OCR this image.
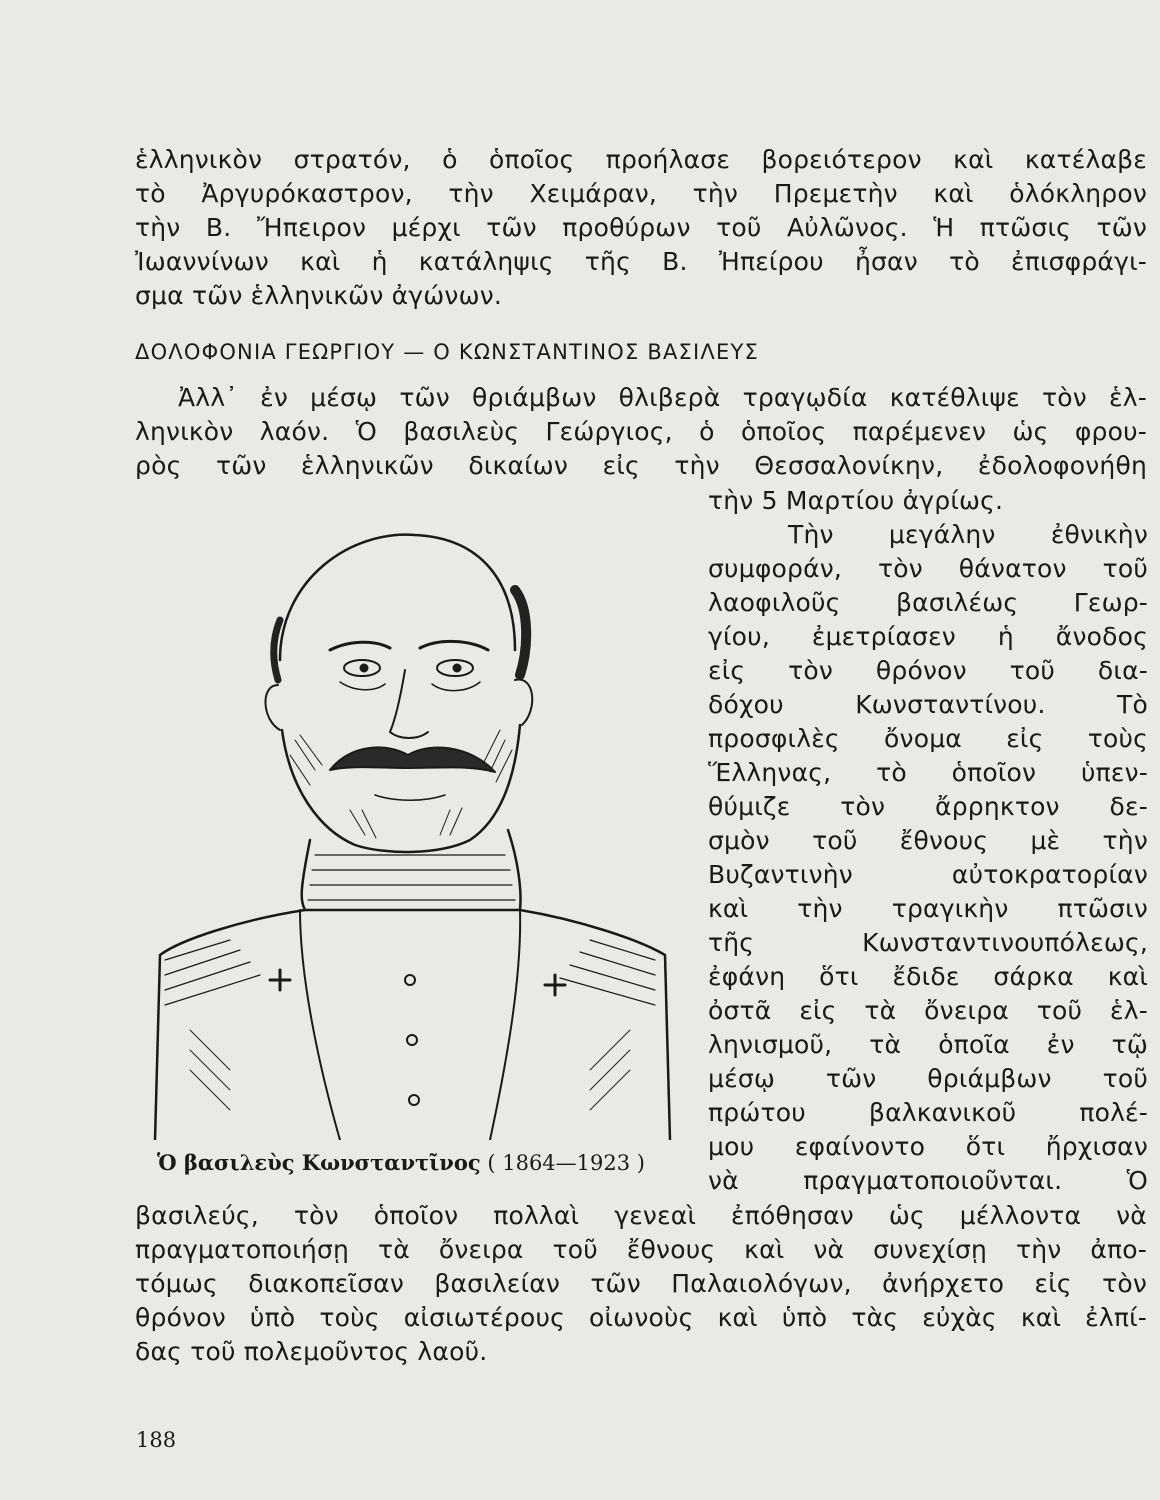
ἑλληνικὸν στρατόν, ὁ ὁποῖος προήλασε βορειότερον καὶ κατέλαβε
τὸ Ἀργυρόκαστρον, τὴν Χειμάραν, τὴν Πρεμετὴν καὶ ὁλόκληρον
τὴν Β. Ἤπειρον μέρχι τῶν προθύρων τοῦ Αὐλῶνος. Ἡ πτῶσις τῶν
Ἰωαννίνων καὶ ἡ κατάληψις τῆς Β. Ἠπείρου ἦσαν τὸ ἐπισφράγι-
σμα τῶν ἑλληνικῶν ἀγώνων.
ΔΟΛΟΦΟΝΙΑ ΓΕΩΡΓΙΟΥ — Ο ΚΩΝΣΤΑΝΤΙΝΟΣ ΒΑΣΙΛΕΥΣ
Ἀλλ᾽ ἐν μέσῳ τῶν θριάμβων θλιβερὰ τραγῳδία κατέθλιψε τὸν ἑλ-
ληνικὸν λαόν. Ὁ βασιλεὺς Γεώργιος, ὁ ὁποῖος παρέμενεν ὡς φρου-
ρὸς τῶν ἑλληνικῶν δικαίων εἰς τὴν Θεσσαλονίκην, ἐδολοφονήθη
τὴν 5 Μαρτίου ἀγρίως.
Τὴν μεγάλην ἐθνικὴν
συμφοράν, τὸν θάνατον τοῦ
λαοφιλοῦς βασιλέως Γεωρ-
γίου, ἐμετρίασεν ἡ ἄνοδος
εἰς τὸν θρόνον τοῦ δια-
δόχου Κωνσταντίνου. Τὸ
προσφιλὲς ὄνομα εἰς τοὺς
Ἕλληνας, τὸ ὁποῖον ὑπεν-
θύμιζε τὸν ἄρρηκτον δε-
σμὸν τοῦ ἔθνους μὲ τὴν
Βυζαντινὴν αὐτοκρατορίαν
καὶ τὴν τραγικὴν πτῶσιν
τῆς Κωνσταντινουπόλεως,
ἐφάνη ὅτι ἔδιδε σάρκα καὶ
ὀστᾶ εἰς τὰ ὄνειρα τοῦ ἑλ-
ληνισμοῦ, τὰ ὁποῖα ἐν τῷ
μέσῳ τῶν θριάμβων τοῦ
πρώτου βαλκανικοῦ πολέ-
μου εφαίνοντο ὅτι ἤρχισαν
νὰ πραγματοποιοῦνται. Ὁ
βασιλεύς, τὸν ὁποῖον πολλαὶ γενεαὶ ἐπόθησαν ὡς μέλλοντα νὰ
πραγματοποιήσῃ τὰ ὄνειρα τοῦ ἔθνους καὶ νὰ συνεχίσῃ τὴν ἀπο-
τόμως διακοπεῖσαν βασιλείαν τῶν Παλαιολόγων, ἀνήρχετο εἰς τὸν
θρόνον ὑπὸ τοὺς αἰσιωτέρους οἰωνοὺς καὶ ὑπὸ τὰς εὐχὰς καὶ ἐλπί-
δας τοῦ πολεμοῦντος λαοῦ.
Ὁ βασιλεὺς Κωνσταντῖνος ( 1864—1923 )
188
